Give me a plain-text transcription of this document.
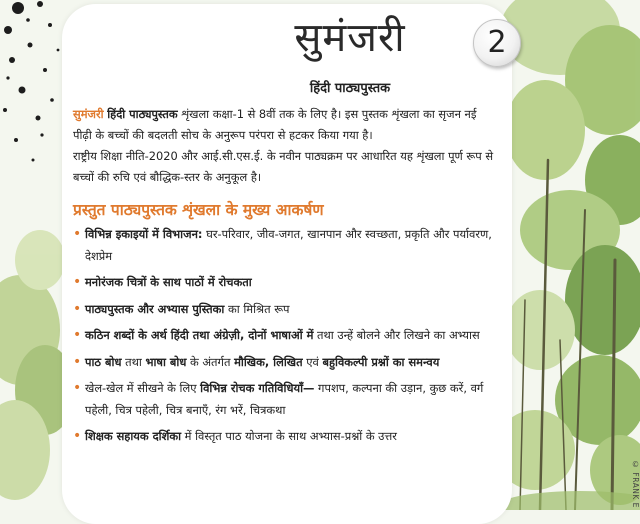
सुमंजरी	2
हिंदी पाठ्यपुस्तक
सुमंजरी हिंदी पाठ्यपुस्तक शृंखला कक्षा-1 से 8वीं तक के लिए है। इस पुस्तक शृंखला का सृजन नई पीढ़ी के बच्चों की बदलती सोच के अनुरूप परंपरा से हटकर किया गया है।
राष्ट्रीय शिक्षा नीति-2020 और आई.सी.एस.ई. के नवीन पाठ्यक्रम पर आधारित यह शृंखला पूर्ण रूप से बच्चों की रुचि एवं बौद्धिक-स्तर के अनुकूल है।
प्रस्तुत पाठ्यपुस्तक शृंखला के मुख्य आकर्षण
• विभिन्न इकाइयों में विभाजन: घर-परिवार, जीव-जगत, खानपान और स्वच्छता, प्रकृति और पर्यावरण, देशप्रेम
• मनोरंजक चित्रों के साथ पाठों में रोचकता
• पाठ्यपुस्तक और अभ्यास पुस्तिका का मिश्रित रूप
• कठिन शब्दों के अर्थ हिंदी तथा अंग्रेज़ी, दोनों भाषाओं में तथा उन्हें बोलने और लिखने का अभ्यास
• पाठ बोध तथा भाषा बोध के अंतर्गत मौखिक, लिखित एवं बहुविकल्पी प्रश्नों का समन्वय
• खेल-खेल में सीखने के लिए विभिन्न रोचक गतिविधियाँ— गपशप, कल्पना की उड़ान, कुछ करें, वर्ग पहेली, चित्र पहेली, चित्र बनाएँ, रंग भरें, चित्रकथा
• शिक्षक सहायक दर्शिका में विस्तृत पाठ योजना के साथ अभ्यास-प्रश्नों के उत्तर
© FRANK E
